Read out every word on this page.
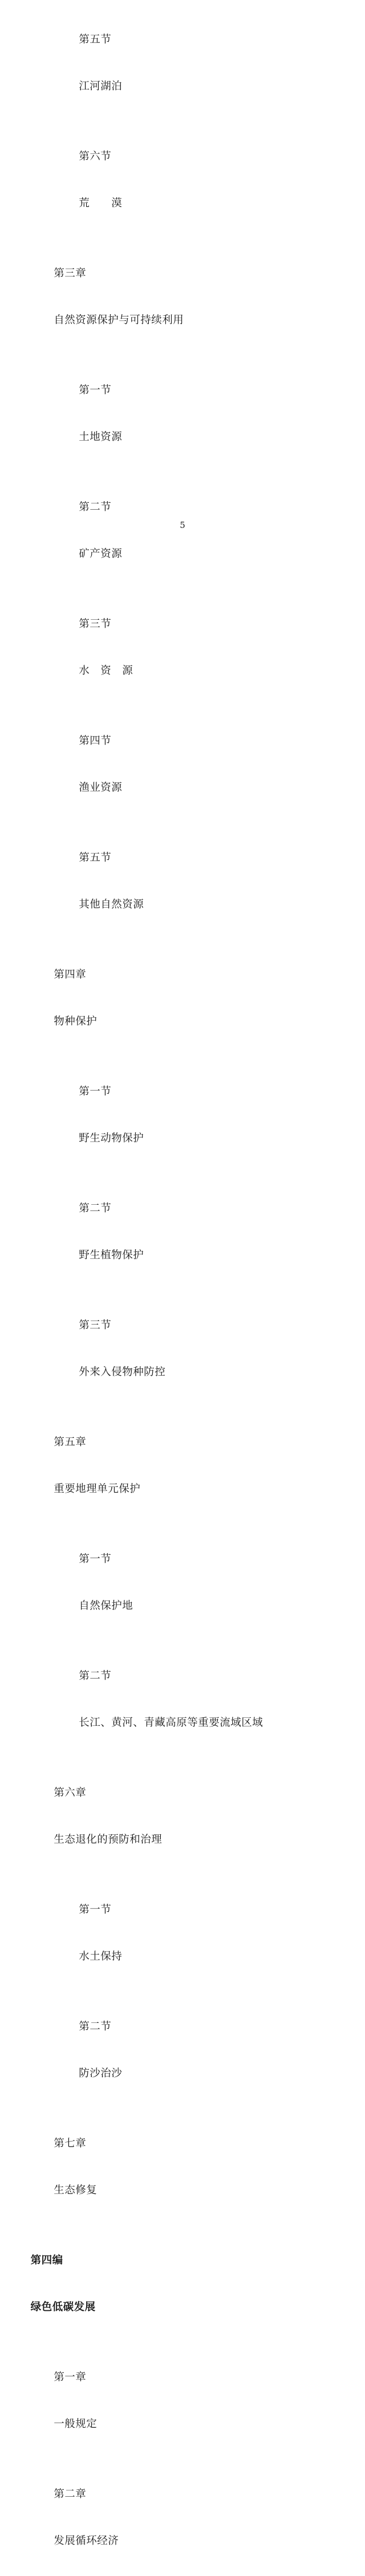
第五节

江河湖泊

第六节

荒　　漠

第三章

自然资源保护与可持续利用

第一节

土地资源

第二节

矿产资源

第三节

水　资　源

第四节

渔业资源

第五节

其他自然资源

第四章

物种保护

第一节

野生动物保护

第二节

野生植物保护

第三节

外来入侵物种防控

第五章

重要地理单元保护

第一节

自然保护地

第二节

长江、黄河、青藏高原等重要流域区域

第六章

生态退化的预防和治理

第一节

水土保持

第二节

防沙治沙

第七章

生态修复

第四编

绿色低碳发展

第一章

一般规定

第二章

发展循环经济

5
